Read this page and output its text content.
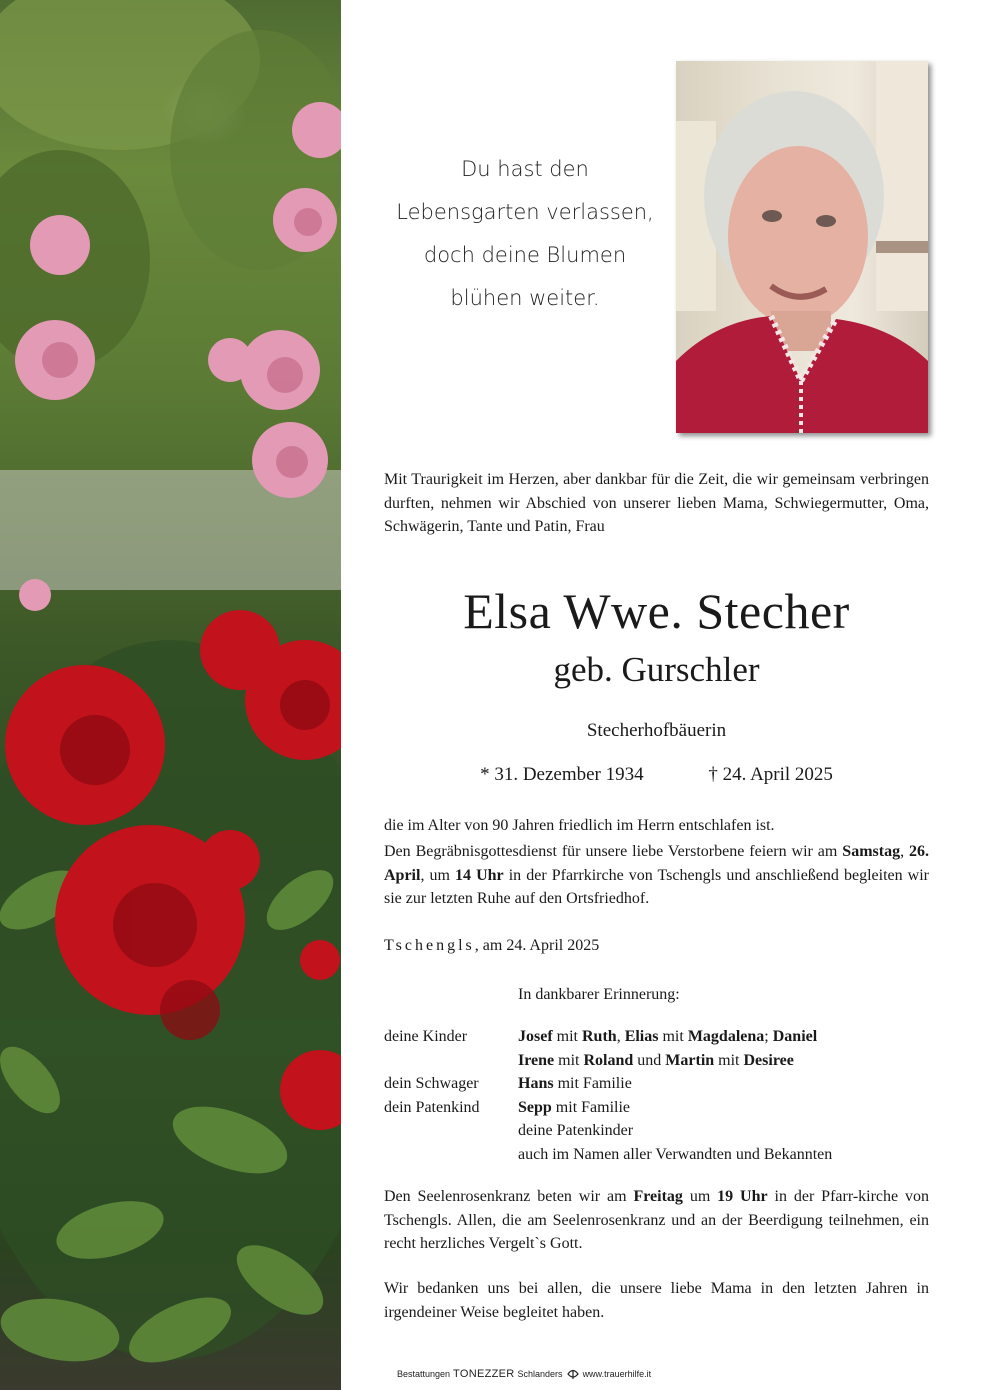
Du hast den
Lebensgarten verlassen,
doch deine Blumen
blühen weiter.
Mit Traurigkeit im Herzen, aber dankbar für die Zeit, die wir gemeinsam verbringen durften, nehmen wir Abschied von unserer lieben Mama, Schwiegermutter, Oma, Schwägerin, Tante und Patin, Frau
Elsa Wwe. Stecher
geb. Gurschler
Stecherhofbäuerin
* 31. Dezember 1934	† 24. April 2025
die im Alter von 90 Jahren friedlich im Herrn entschlafen ist.
Den Begräbnisgottesdienst für unsere liebe Verstorbene feiern wir am Samstag, 26. April, um 14 Uhr in der Pfarrkirche von Tschengls und anschließend begleiten wir sie zur letzten Ruhe auf den Ortsfriedhof.
Tschengls, am 24. April 2025
In dankbarer Erinnerung:
deine Kinder	Josef mit Ruth, Elias mit Magdalena; Daniel
Irene mit Roland und Martin mit Desiree
dein Schwager	Hans mit Familie
dein Patenkind	Sepp mit Familie
deine Patenkinder
auch im Namen aller Verwandten und Bekannten
Den Seelenrosenkranz beten wir am Freitag um 19 Uhr in der Pfarr-kirche von Tschengls. Allen, die am Seelenrosenkranz und an der Beerdigung teilnehmen, ein recht herzliches Vergelt`s Gott.
Wir bedanken uns bei allen, die unsere liebe Mama in den letzten Jahren in irgendeiner Weise begleitet haben.
Bestattungen TONEZZER Schlanders www.trauerhilfe.it
